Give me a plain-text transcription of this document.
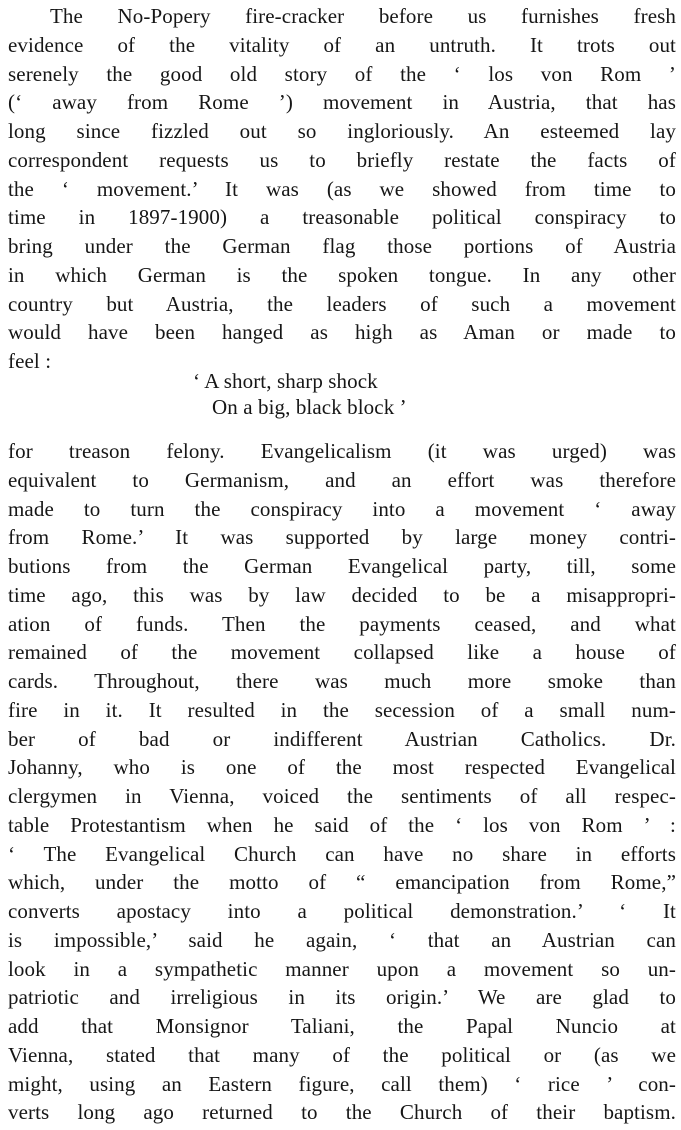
The No-Popery fire-cracker before us furnishes fresh
evidence of the vitality of an untruth. It trots out
serenely the good old story of the ‘ los von Rom ’
(‘ away from Rome ’) movement in Austria, that has
long since fizzled out so ingloriously. An esteemed lay
correspondent requests us to briefly restate the facts of
the ‘ movement.’ It was (as we showed from time to
time in 1897-1900) a treasonable political conspiracy to
bring under the German flag those portions of Austria
in which German is the spoken tongue. In any other
country but Austria, the leaders of such a movement
would have been hanged as high as Aman or made to
feel :
‘ A short, sharp shock
On a big, black block ’
for treason felony. Evangelicalism (it was urged) was
equivalent to Germanism, and an effort was therefore
made to turn the conspiracy into a movement ‘ away
from Rome.’ It was supported by large money contri-
butions from the German Evangelical party, till, some
time ago, this was by law decided to be a misappropri-
ation of funds. Then the payments ceased, and what
remained of the movement collapsed like a house of
cards. Throughout, there was much more smoke than
fire in it. It resulted in the secession of a small num-
ber of bad or indifferent Austrian Catholics. Dr.
Johanny, who is one of the most respected Evangelical
clergymen in Vienna, voiced the sentiments of all respec-
table Protestantism when he said of the ‘ los von Rom ’ :
‘ The Evangelical Church can have no share in efforts
which, under the motto of “ emancipation from Rome,”
converts apostacy into a political demonstration.’ ‘ It
is impossible,’ said he again, ‘ that an Austrian can
look in a sympathetic manner upon a movement so un-
patriotic and irreligious in its origin.’ We are glad to
add that Monsignor Taliani, the Papal Nuncio at
Vienna, stated that many of the political or (as we
might, using an Eastern figure, call them) ‘ rice ’ con-
verts long ago returned to the Church of their baptism.
